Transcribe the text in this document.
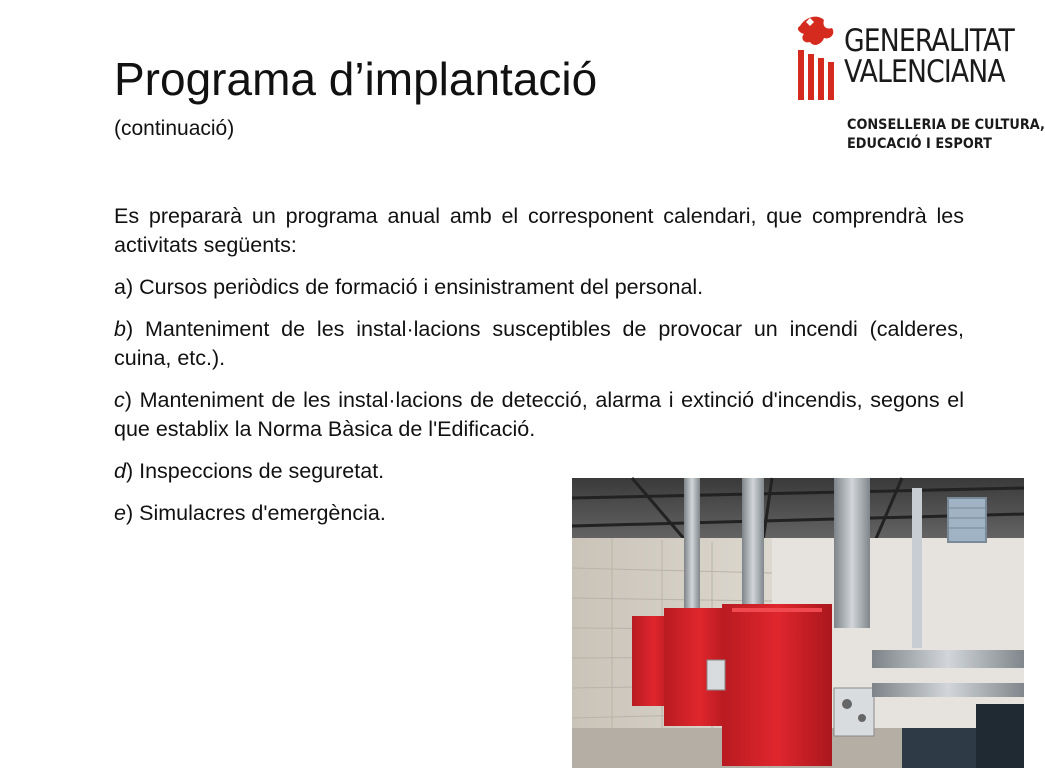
Programa d’implantació
(continuació)
GENERALITAT
VALENCIANA
CONSELLERIA DE CULTURA,
EDUCACIÓ I ESPORT

Es prepararà un programa anual amb el corresponent calendari, que comprendrà les activitats següents:

a) Cursos periòdics de formació i ensinistrament del personal.

b) Manteniment de les instal·lacions susceptibles de provocar un incendi (calderes, cuina, etc.).

c) Manteniment de les instal·lacions de detecció, alarma i extinció d'incendis, segons el que establix la Norma Bàsica de l'Edificació.

d) Inspeccions de seguretat.

e) Simulacres d'emergència.
